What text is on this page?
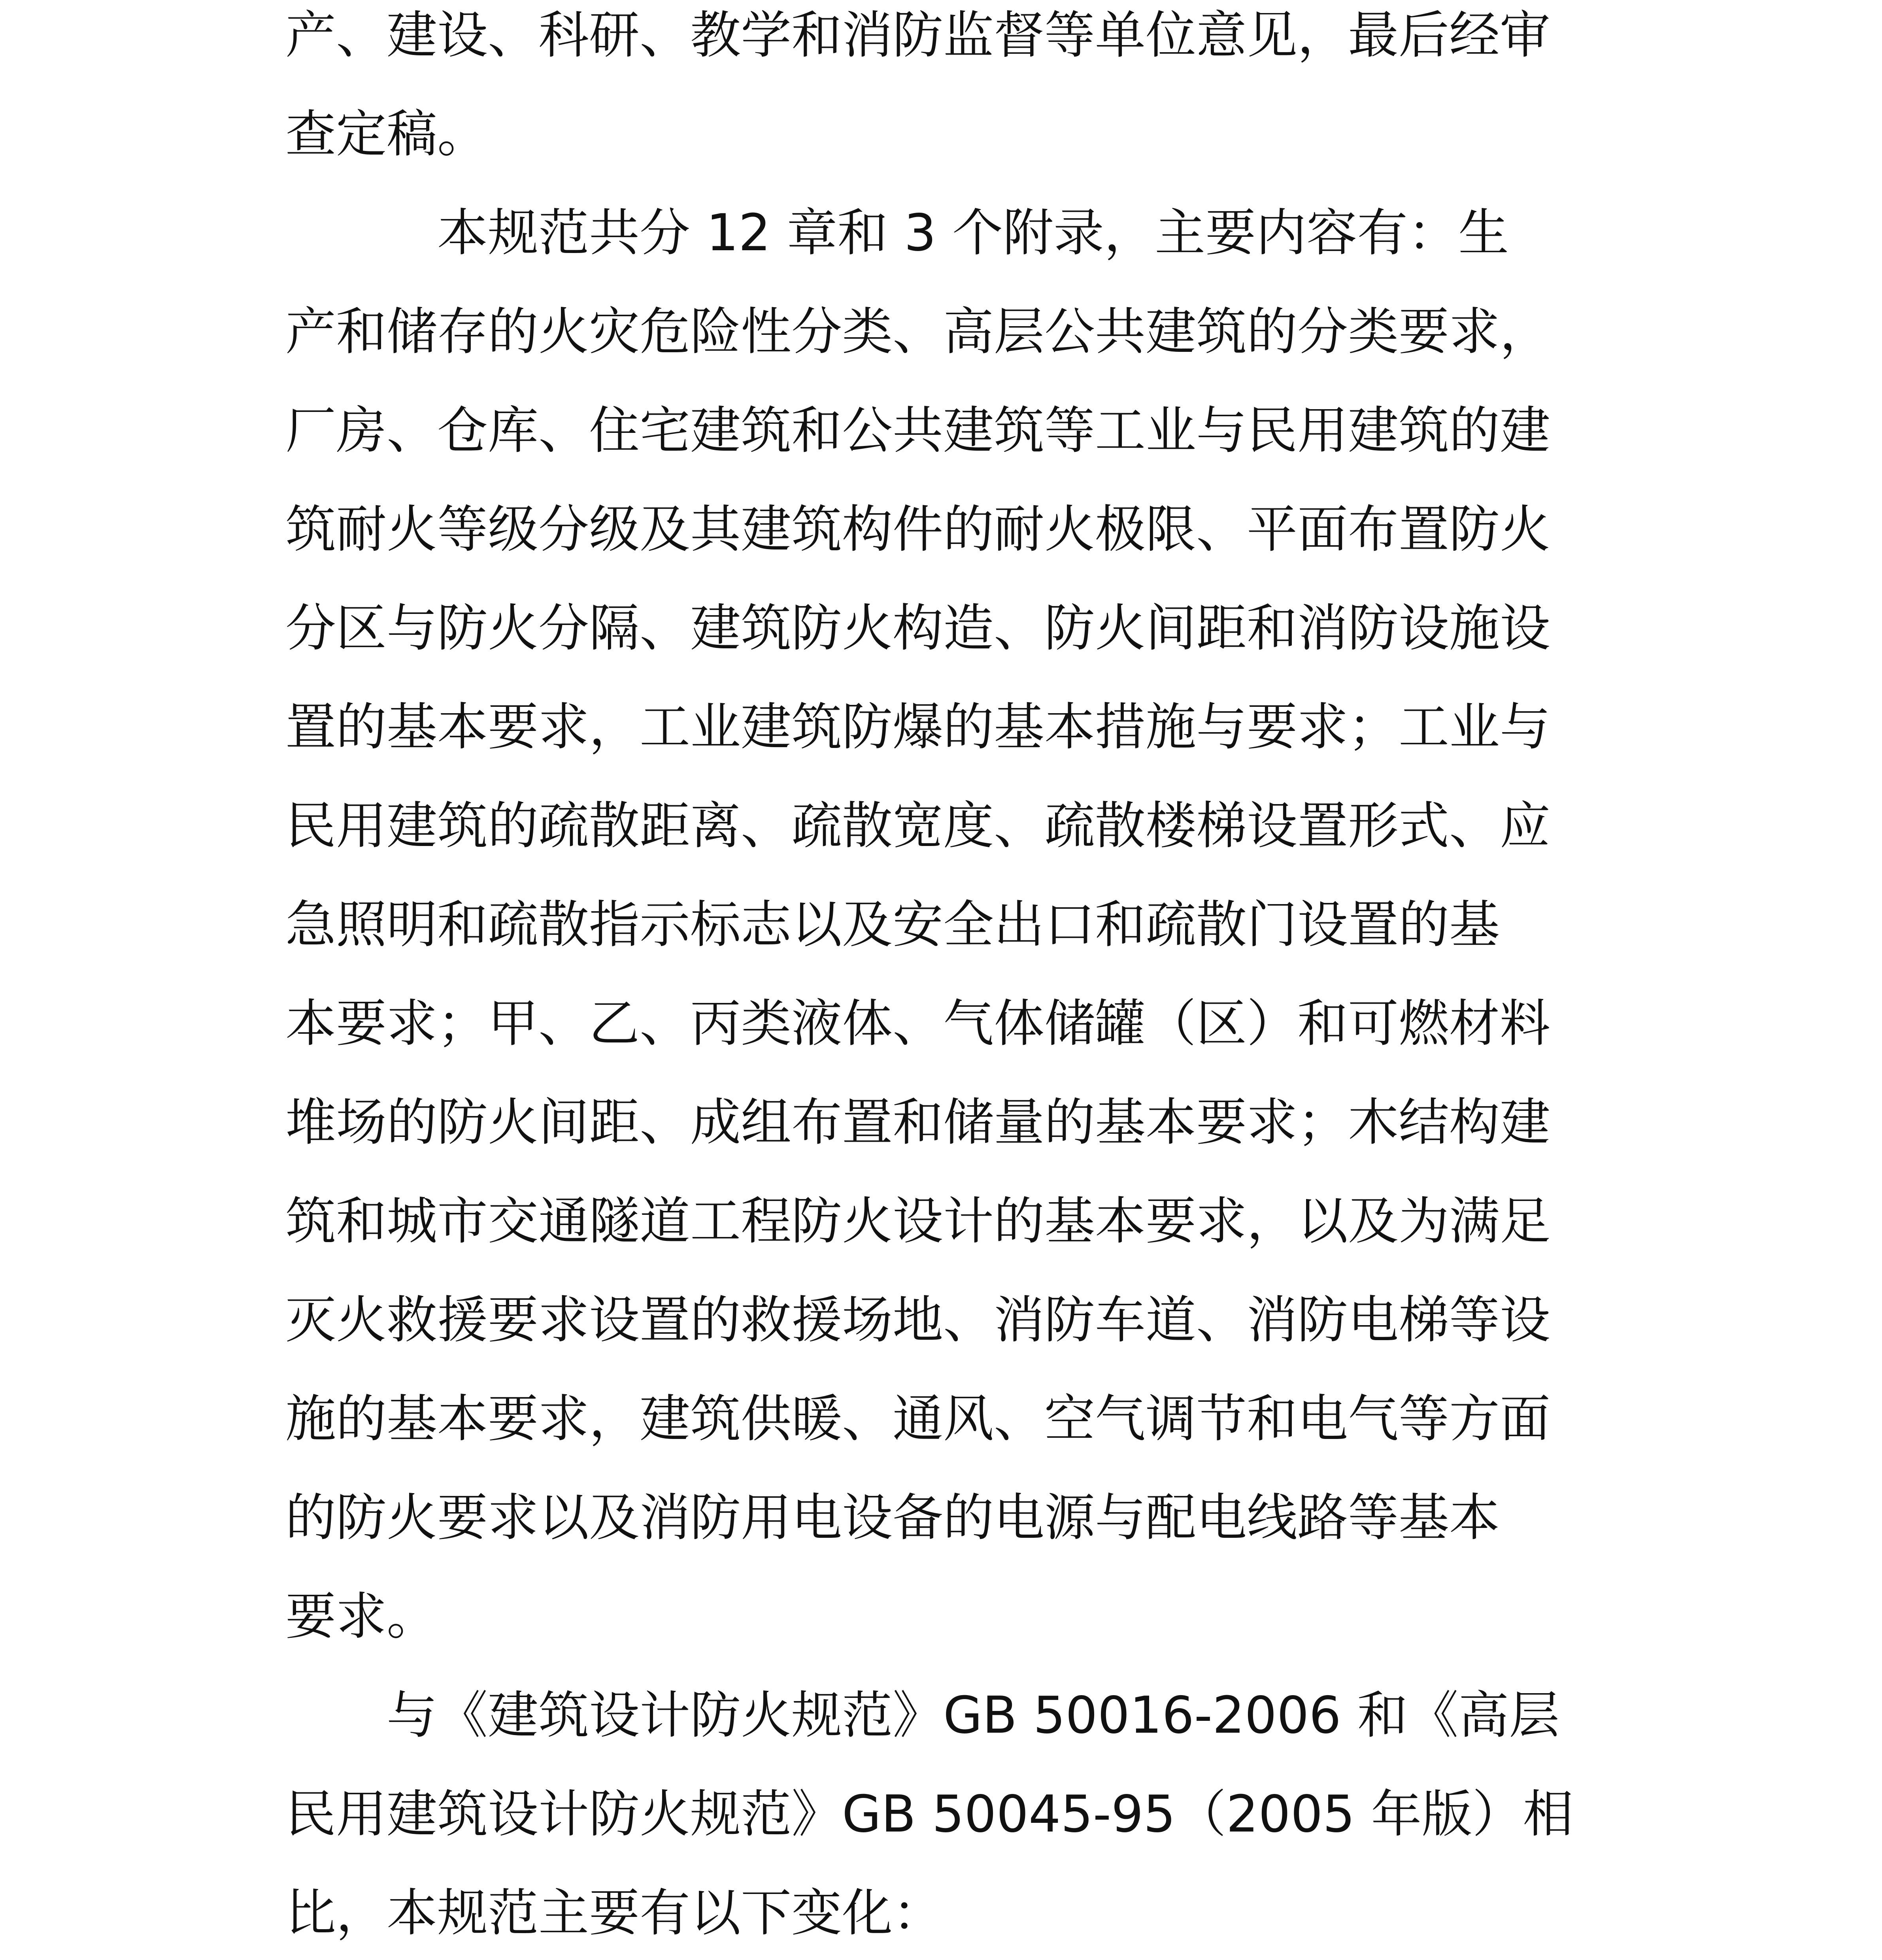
产、建设、科研、教学和消防监督等单位意见，最后经审
查定稿。
　　　本规范共分 12 章和 3 个附录，主要内容有：生
产和储存的火灾危险性分类、高层公共建筑的分类要求，
厂房、仓库、住宅建筑和公共建筑等工业与民用建筑的建
筑耐火等级分级及其建筑构件的耐火极限、平面布置防火
分区与防火分隔、建筑防火构造、防火间距和消防设施设
置的基本要求，工业建筑防爆的基本措施与要求；工业与
民用建筑的疏散距离、疏散宽度、疏散楼梯设置形式、应
急照明和疏散指示标志以及安全出口和疏散门设置的基
本要求；甲、乙、丙类液体、气体储罐（区）和可燃材料
堆场的防火间距、成组布置和储量的基本要求；木结构建
筑和城市交通隧道工程防火设计的基本要求，以及为满足
灭火救援要求设置的救援场地、消防车道、消防电梯等设
施的基本要求，建筑供暖、通风、空气调节和电气等方面
的防火要求以及消防用电设备的电源与配电线路等基本
要求。
　　与《建筑设计防火规范》GB 50016-2006 和《高层
民用建筑设计防火规范》GB 50045-95（2005 年版）相
比，本规范主要有以下变化：
